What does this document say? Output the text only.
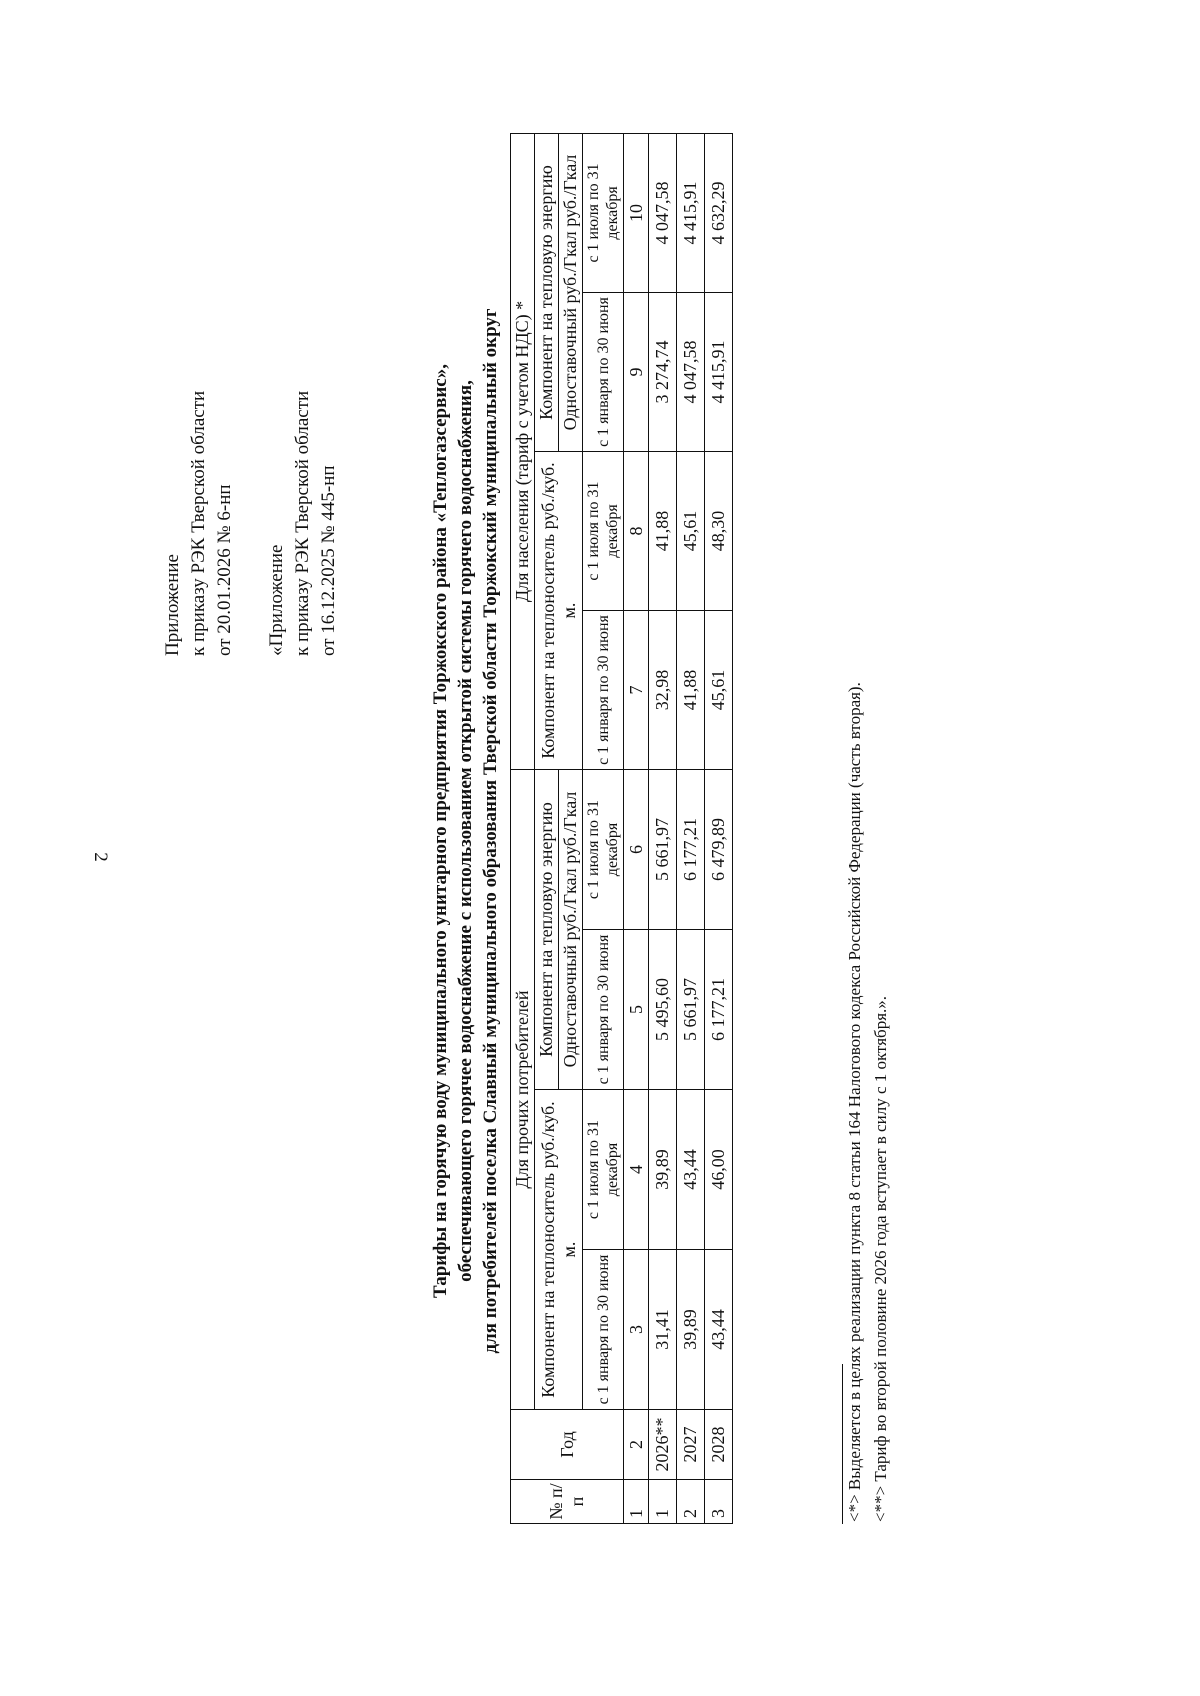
2
Приложение к приказу РЭК Тверской области от 20.01.2026 № 6-нп «Приложение к приказу РЭК Тверской области от 16.12.2025 № 445-нп	Тарифы на горячую воду муниципального унитарного предприятия Торжокского района «Теплогазсервис», обеспечивающего горячее водоснабжение с использованием открытой системы горячего водоснабжения, для потребителей поселка Славный муниципального образования Тверской области Торжокский муниципальный округ
№ п/п	Год	Для прочих потребителей				Для населения (тариф с учетом НДС) *			
		Компонент на теплоноситель руб./куб. м.		Компонент на тепловую энергию		Компонент на теплоноситель руб./куб. м.		Компонент на тепловую энергию	
				Одноставочный руб./Гкал руб./Гкал				Одноставочный руб./Гкал руб./Гкал	
		с 1 января по 30 июня	с 1 июля по 31 декабря	с 1 января по 30 июня	с 1 июля по 31 декабря	с 1 января по 30 июня	с 1 июля по 31 декабря	с 1 января по 30 июня	с 1 июля по 31 декабря
1	2	3	4	5	6	7	8	9	10
1	2026**	31,41	39,89	5 495,60	5 661,97	32,98	41,88	3 274,74	4 047,58
2	2027	39,89	43,44	5 661,97	6 177,21	41,88	45,61	4 047,58	4 415,91
3	2028	43,44	46,00	6 177,21	6 479,89	45,61	48,30	4 415,91	4 632,29
<*> Выделяется в целях реализации пункта 8 статьи 164 Налогового кодекса Российской Федерации (часть вторая). <**> Тариф во второй половине 2026 года вступает в силу с 1 октября.».
